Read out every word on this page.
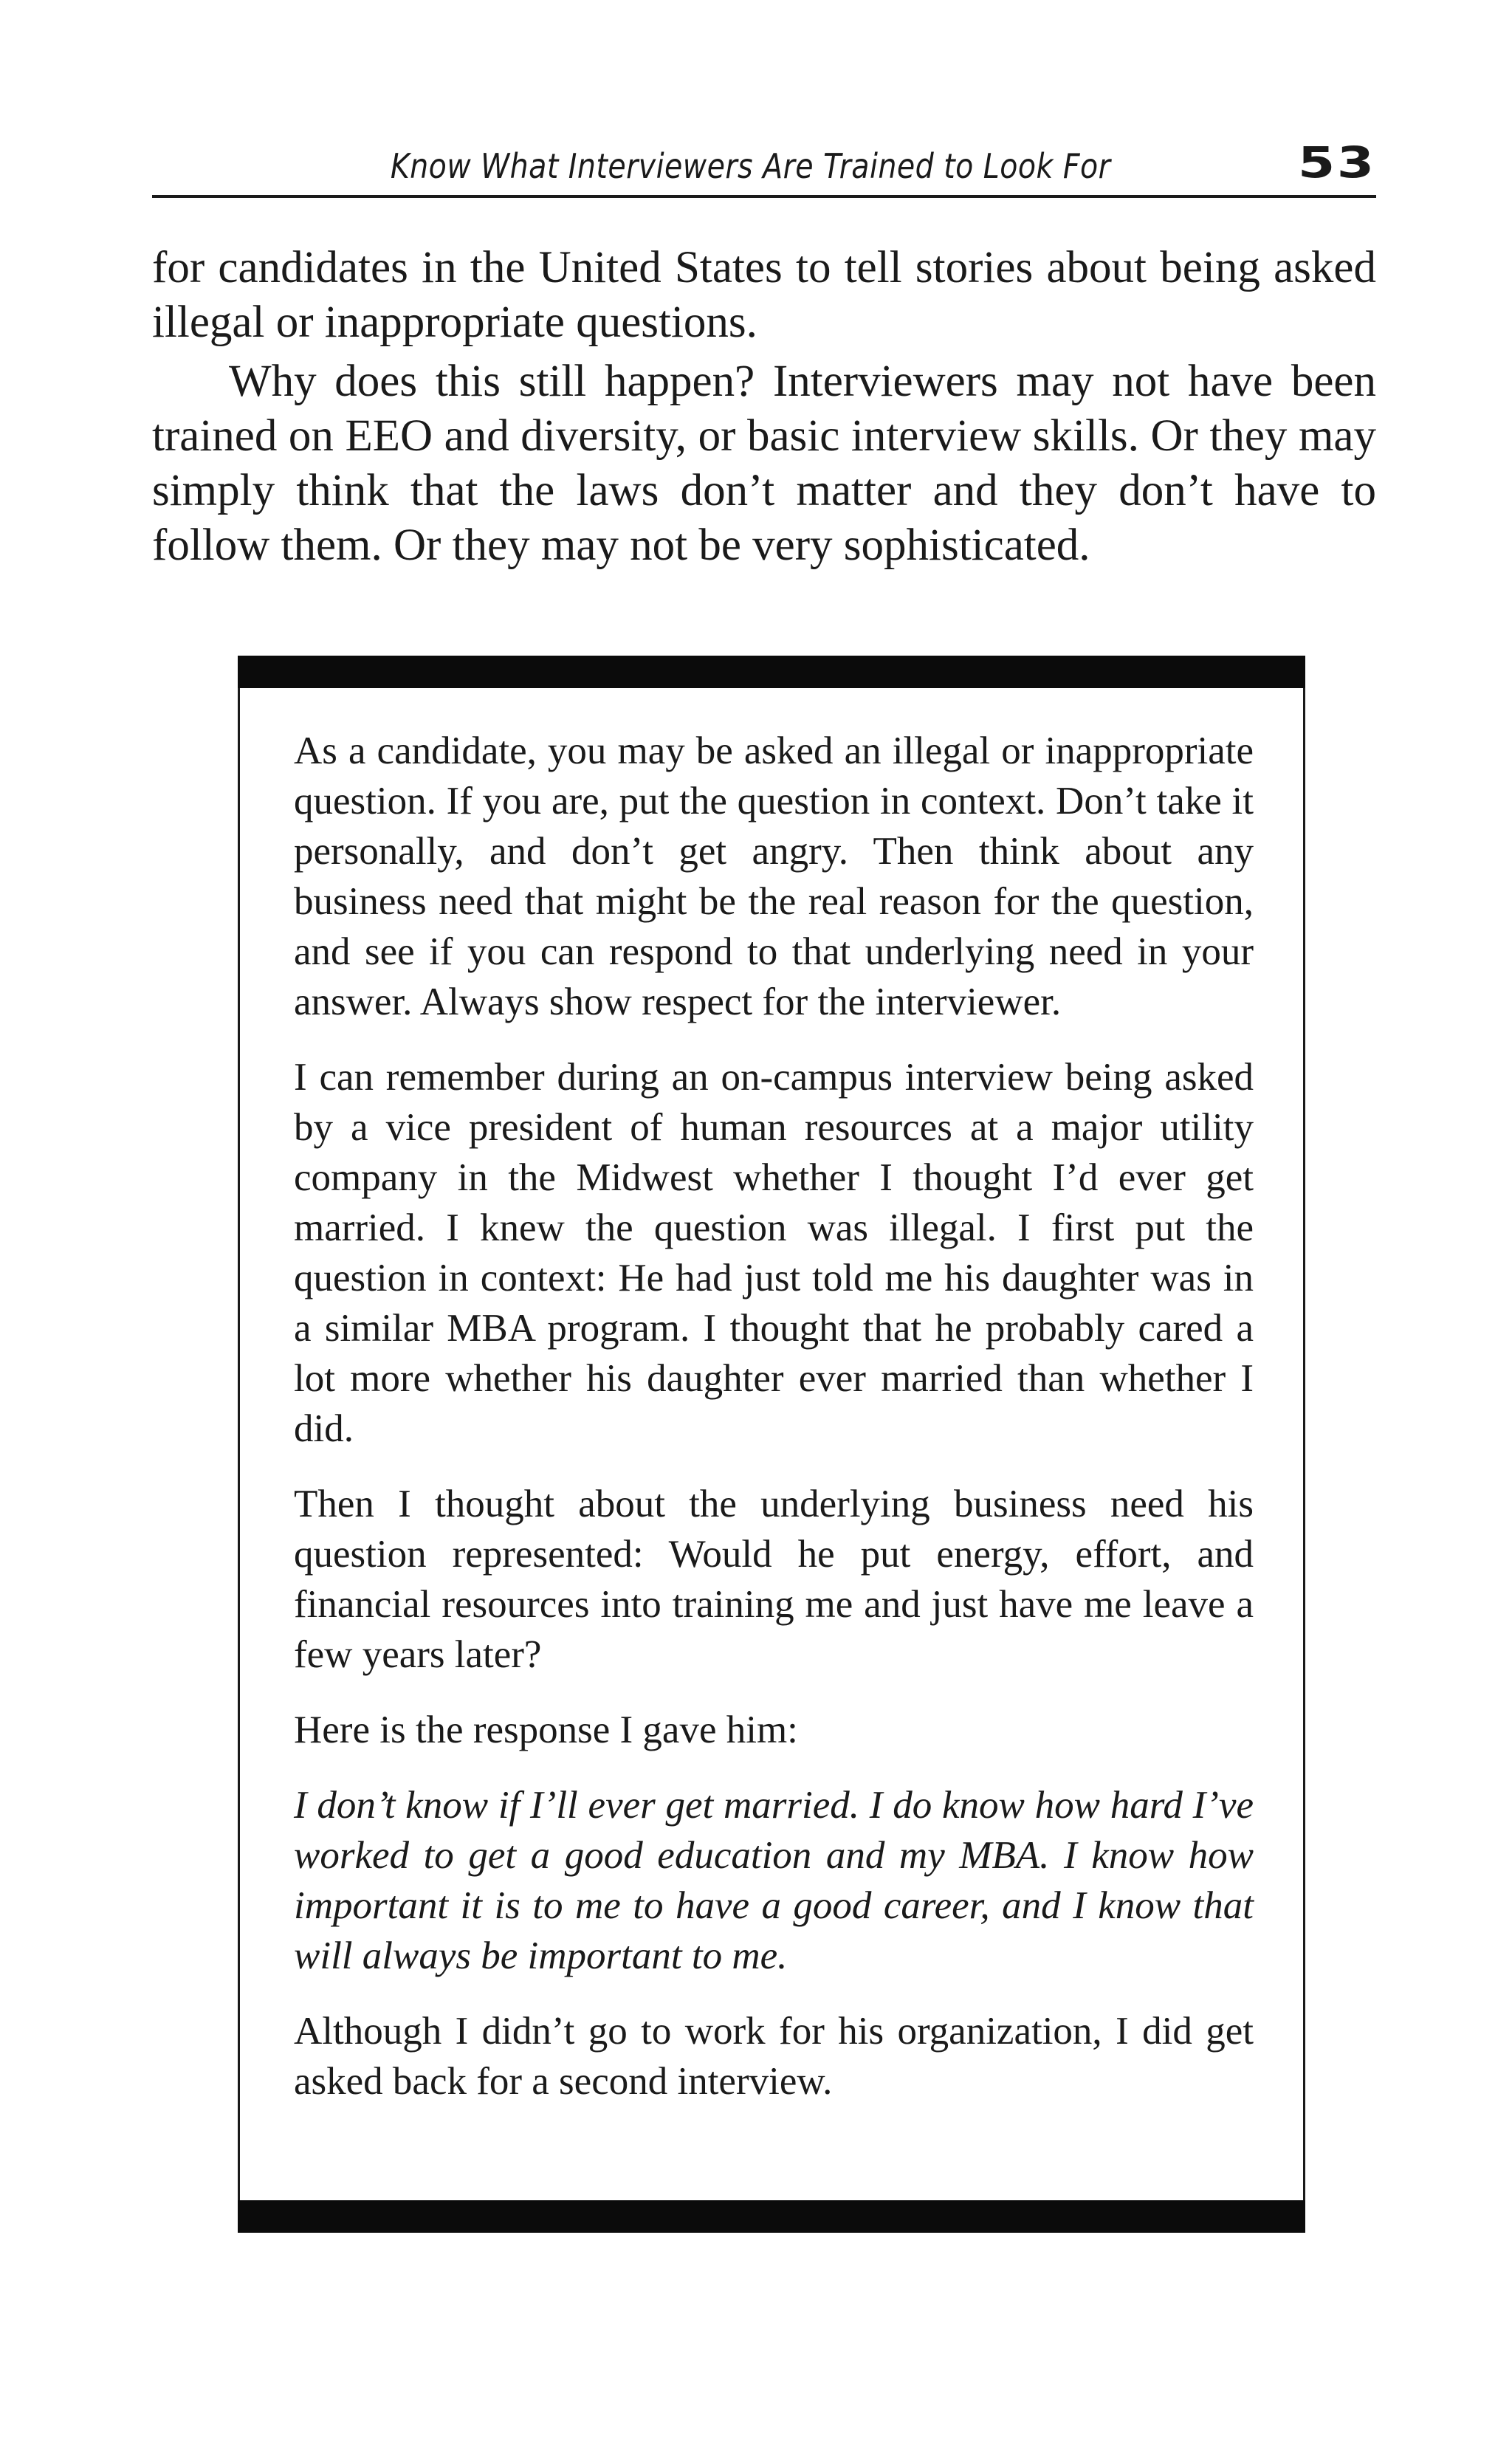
Know What Interviewers Are Trained to Look For	53

for candidates in the United States to tell stories about being asked illegal or inappropriate questions.

Why does this still happen? Interviewers may not have been trained on EEO and diversity, or basic interview skills. Or they may simply think that the laws don’t matter and they don’t have to follow them. Or they may not be very sophisticated.

As a candidate, you may be asked an illegal or inappropriate question. If you are, put the question in context. Don’t take it personally, and don’t get angry. Then think about any business need that might be the real reason for the question, and see if you can respond to that underlying need in your answer. Always show respect for the interviewer.

I can remember during an on-campus interview being asked by a vice president of human resources at a major utility company in the Midwest whether I thought I’d ever get married. I knew the question was illegal. I first put the question in context: He had just told me his daughter was in a similar MBA program. I thought that he probably cared a lot more whether his daughter ever married than whether I did.

Then I thought about the underlying business need his question represented: Would he put energy, effort, and financial resources into training me and just have me leave a few years later?

Here is the response I gave him:

I don’t know if I’ll ever get married. I do know how hard I’ve worked to get a good education and my MBA. I know how important it is to me to have a good career, and I know that will always be important to me.

Although I didn’t go to work for his organization, I did get asked back for a second interview.
